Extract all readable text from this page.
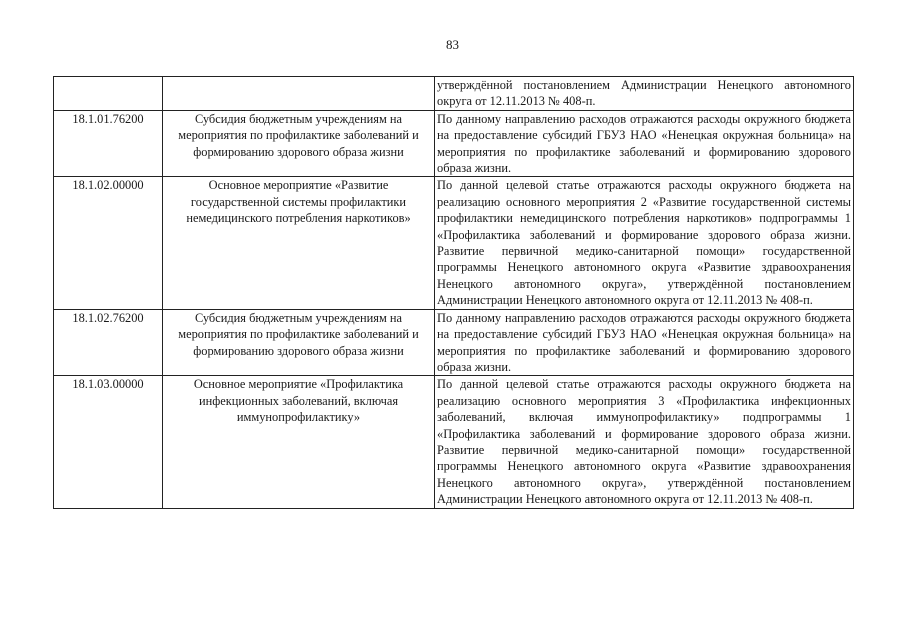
83
		утверждённой постановлением Администрации Ненецкого автономного округа от 12.11.2013 № 408-п.
18.1.01.76200	Субсидия бюджетным учреждениям на мероприятия по профилактике заболеваний и формированию здорового образа жизни	По данному направлению расходов отражаются расходы окружного бюджета на предоставление субсидий ГБУЗ НАО «Ненецкая окружная больница» на мероприятия по профилактике заболеваний и формированию здорового образа жизни.
18.1.02.00000	Основное мероприятие «Развитие государственной системы профилактики немедицинского потребления наркотиков»	По данной целевой статье отражаются расходы окружного бюджета на реализацию основного мероприятия 2 «Развитие государственной системы профилактики немедицинского потребления наркотиков» подпрограммы 1 «Профилактика заболеваний и формирование здорового образа жизни. Развитие первичной медико-санитарной помощи» государственной программы Ненецкого автономного округа «Развитие здравоохранения Ненецкого автономного округа», утверждённой постановлением Администрации Ненецкого автономного округа от 12.11.2013 № 408-п.
18.1.02.76200	Субсидия бюджетным учреждениям на мероприятия по профилактике заболеваний и формированию здорового образа жизни	По данному направлению расходов отражаются расходы окружного бюджета на предоставление субсидий ГБУЗ НАО «Ненецкая окружная больница» на мероприятия по профилактике заболеваний и формированию здорового образа жизни.
18.1.03.00000	Основное мероприятие «Профилактика инфекционных заболеваний, включая иммунопрофилактику»	По данной целевой статье отражаются расходы окружного бюджета на реализацию основного мероприятия 3 «Профилактика инфекционных заболеваний, включая иммунопрофилактику» подпрограммы 1 «Профилактика заболеваний и формирование здорового образа жизни. Развитие первичной медико-санитарной помощи» государственной программы Ненецкого автономного округа «Развитие здравоохранения Ненецкого автономного округа», утверждённой постановлением Администрации Ненецкого автономного округа от 12.11.2013 № 408-п.
